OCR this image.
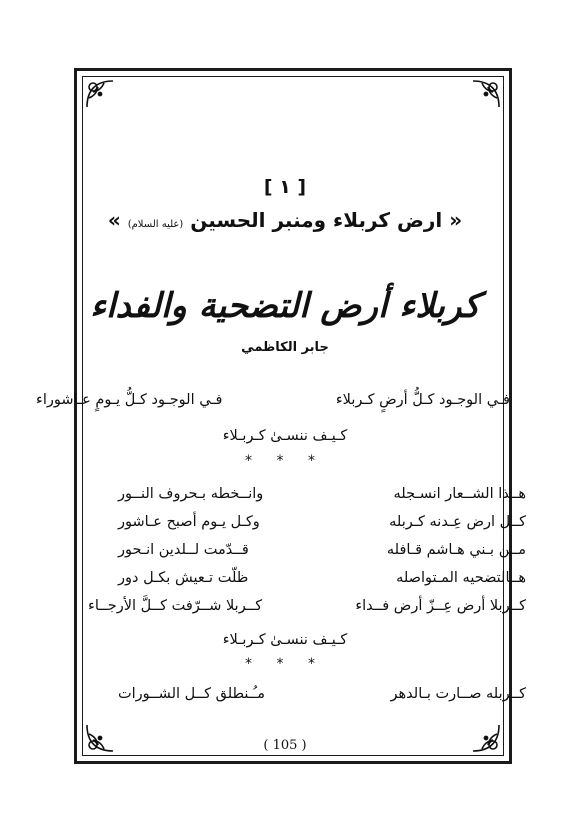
[ ١ ]
« ارض كربلاء ومنبر الحسين (عليه السلام) »
كربلاء أرض التضحية والفداء
جابر الكاظمي
فـي الوجـود كـلُّ أرضٍ كـربلاء
فـي الوجـود كـلُّ يـومٍ عـاشوراء
كـيـف ننسـىٰ كـربـلاء
* * *
هــذا الشــعار انسـجله
وانــخطه بـحروف النــور
كــل ارض عِـدنه كـربله
وكـل يـوم أصبح عـاشور
مــن بـني هـاشم قـافله
قــدّمت لــلدين انـحور
هــالتضحيه المـتواصله
ظلّت تـعيش بكـل دور
كــربلا أرض عِــزّ أرض فــداء
كــربلا شــرّفت كــلَّ الأرجــاء
كـيـف ننسـىٰ كـربـلاء
* * *
كــربله صــارت بـالدهر
مـُـنطلق كــل الشــورات
( 105 )
